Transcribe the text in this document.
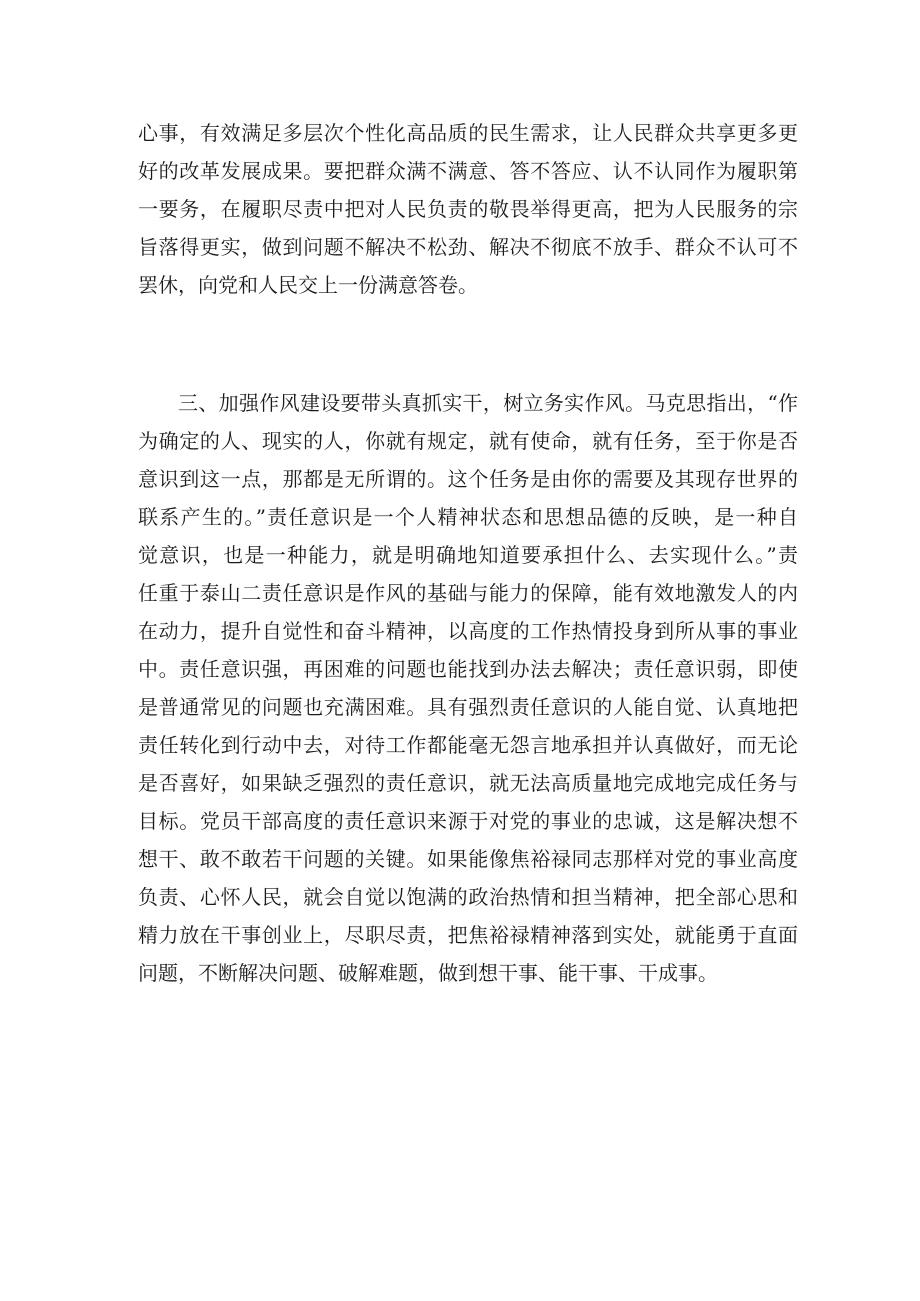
心事，有效满足多层次个性化高品质的民生需求，让人民群众共享更多更
好的改革发展成果。要把群众满不满意、答不答应、认不认同作为履职第
一要务，在履职尽责中把对人民负责的敬畏举得更高，把为人民服务的宗
旨落得更实，做到问题不解决不松劲、解决不彻底不放手、群众不认可不
罢休，向党和人民交上一份满意答卷。
三、加强作风建设要带头真抓实干，树立务实作风。马克思指出，“作
为确定的人、现实的人，你就有规定，就有使命，就有任务，至于你是否
意识到这一点，那都是无所谓的。这个任务是由你的需要及其现存世界的
联系产生的。”责任意识是一个人精神状态和思想品德的反映，是一种自
觉意识，也是一种能力，就是明确地知道要承担什么、去实现什么。”责
任重于泰山二责任意识是作风的基础与能力的保障，能有效地激发人的内
在动力，提升自觉性和奋斗精神，以高度的工作热情投身到所从事的事业
中。责任意识强，再困难的问题也能找到办法去解决；责任意识弱，即使
是普通常见的问题也充满困难。具有强烈责任意识的人能自觉、认真地把
责任转化到行动中去，对待工作都能毫无怨言地承担并认真做好，而无论
是否喜好，如果缺乏强烈的责任意识，就无法高质量地完成地完成任务与
目标。党员干部高度的责任意识来源于对党的事业的忠诚，这是解决想不
想干、敢不敢若干问题的关键。如果能像焦裕禄同志那样对党的事业高度
负责、心怀人民，就会自觉以饱满的政治热情和担当精神，把全部心思和
精力放在干事创业上，尽职尽责，把焦裕禄精神落到实处，就能勇于直面
问题，不断解决问题、破解难题，做到想干事、能干事、干成事。
